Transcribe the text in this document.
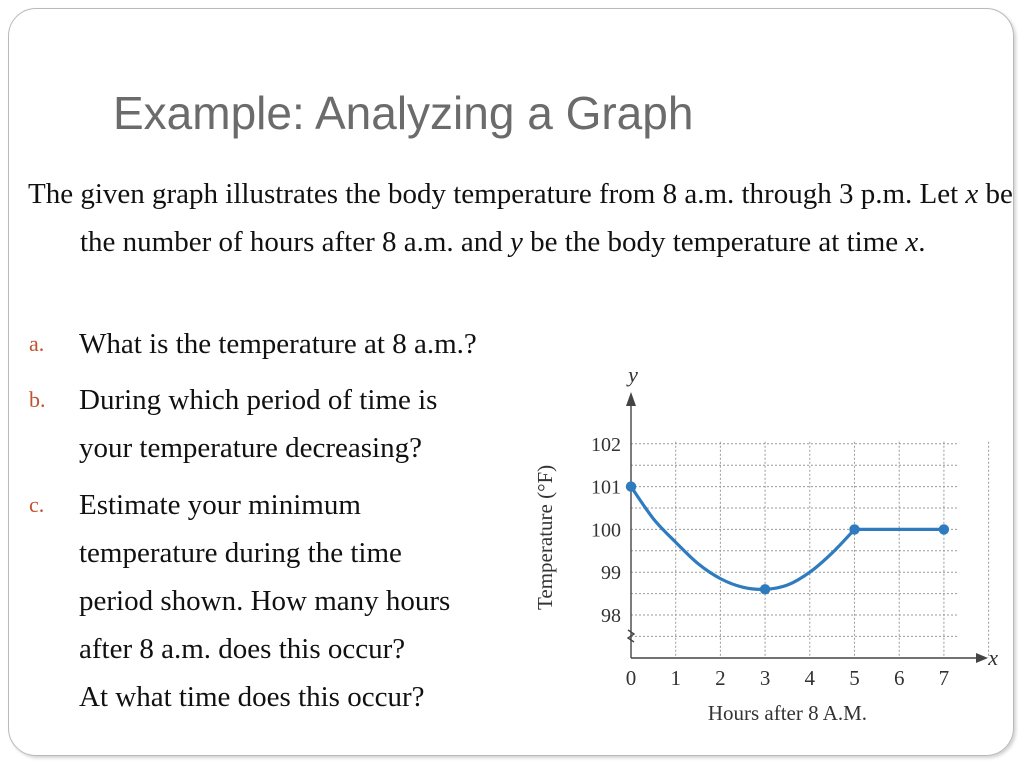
Example: Analyzing a Graph
The given graph illustrates the body temperature from 8 a.m. through 3 p.m. Let x be the number of hours after 8 a.m. and y be the body temperature at time x.
a.	What is the temperature at 8 a.m.?
b.	During which period of time is
your temperature decreasing?
c.	Estimate your minimum
temperature during the time
period shown. How many hours
after 8 a.m. does this occur?
At what time does this occur?
y
x
98
99
100
101
102
0 1 2 3 4 5 6 7
Hours after 8 A.M.
Temperature (°F)
